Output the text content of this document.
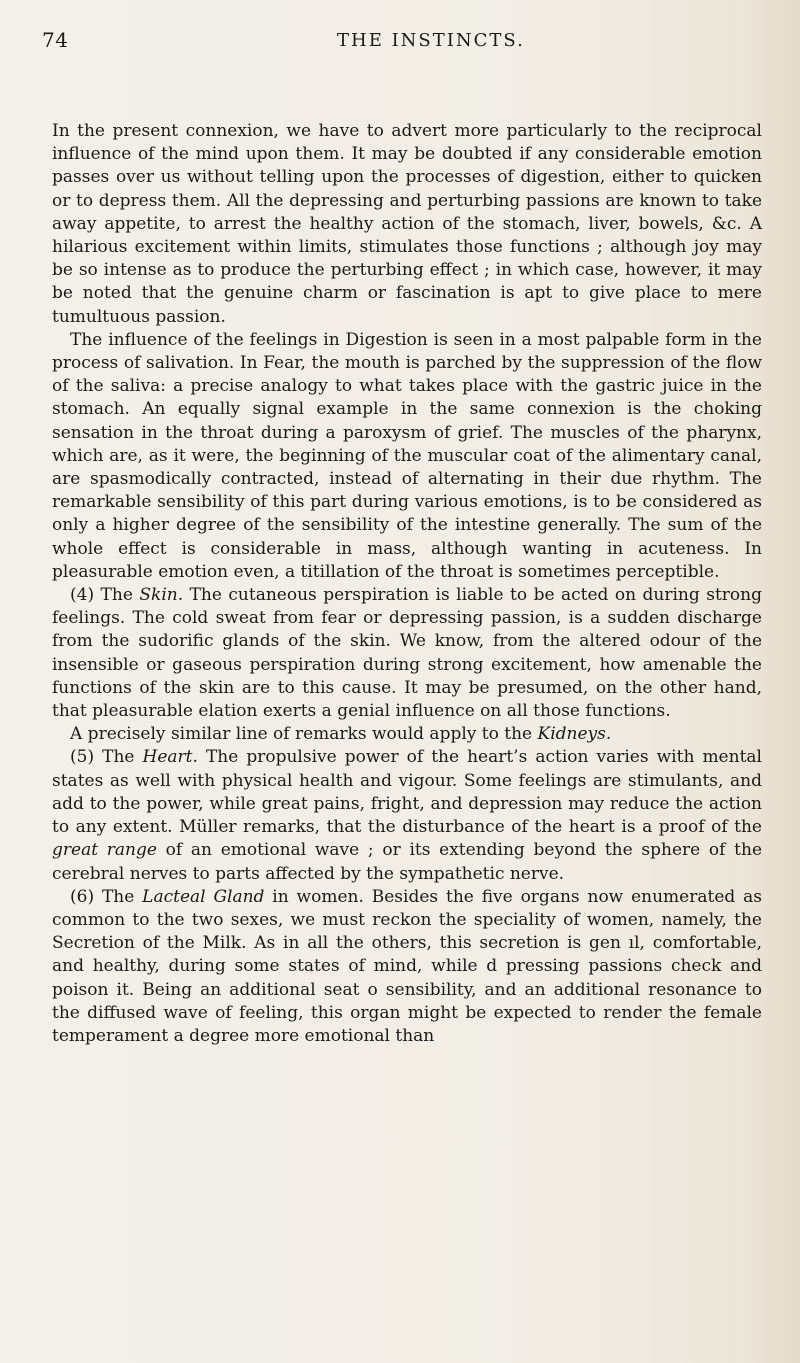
74	THE INSTINCTS.

In the present connexion, we have to advert more particularly to the reciprocal influence of the mind upon them. It may be doubted if any considerable emotion passes over us without telling upon the processes of digestion, either to quicken or to depress them. All the depressing and perturbing passions are known to take away appetite, to arrest the healthy action of the stomach, liver, bowels, &c. A hilarious excitement within limits, stimulates those functions ; although joy may be so intense as to produce the perturbing effect ; in which case, however, it may be noted that the genuine charm or fascination is apt to give place to mere tumultuous passion.

The influence of the feelings in Digestion is seen in a most palpable form in the process of salivation. In Fear, the mouth is parched by the suppression of the flow of the saliva: a precise analogy to what takes place with the gastric juice in the stomach. An equally signal example in the same connexion is the choking sensation in the throat during a paroxysm of grief. The muscles of the pharynx, which are, as it were, the beginning of the muscular coat of the alimentary canal, are spasmodically contracted, instead of alternating in their due rhythm. The remarkable sensibility of this part during various emotions, is to be considered as only a higher degree of the sensibility of the intestine generally. The sum of the whole effect is considerable in mass, although wanting in acuteness. In pleasurable emotion even, a titillation of the throat is sometimes perceptible.

(4) The Skin. The cutaneous perspiration is liable to be acted on during strong feelings. The cold sweat from fear or depressing passion, is a sudden discharge from the sudorific glands of the skin. We know, from the altered odour of the insensible or gaseous perspiration during strong excitement, how amenable the functions of the skin are to this cause. It may be presumed, on the other hand, that pleasurable elation exerts a genial influence on all those functions.

A precisely similar line of remarks would apply to the Kidneys.

(5) The Heart. The propulsive power of the heart’s action varies with mental states as well with physical health and vigour. Some feelings are stimulants, and add to the power, while great pains, fright, and depression may reduce the action to any extent. Müller remarks, that the disturbance of the heart is a proof of the great range of an emotional wave ; or its extending beyond the sphere of the cerebral nerves to parts affected by the sympathetic nerve.

(6) The Lacteal Gland in women. Besides the five organs now enumerated as common to the two sexes, we must reckon the speciality of women, namely, the Secretion of the Milk. As in all the others, this secretion is gen ıl, comfortable, and healthy, during some states of mind, while d pressing passions check and poison it. Being an additional seat o sensibility, and an additional resonance to the diffused wave of feeling, this organ might be expected to render the female temperament a degree more emotional than
